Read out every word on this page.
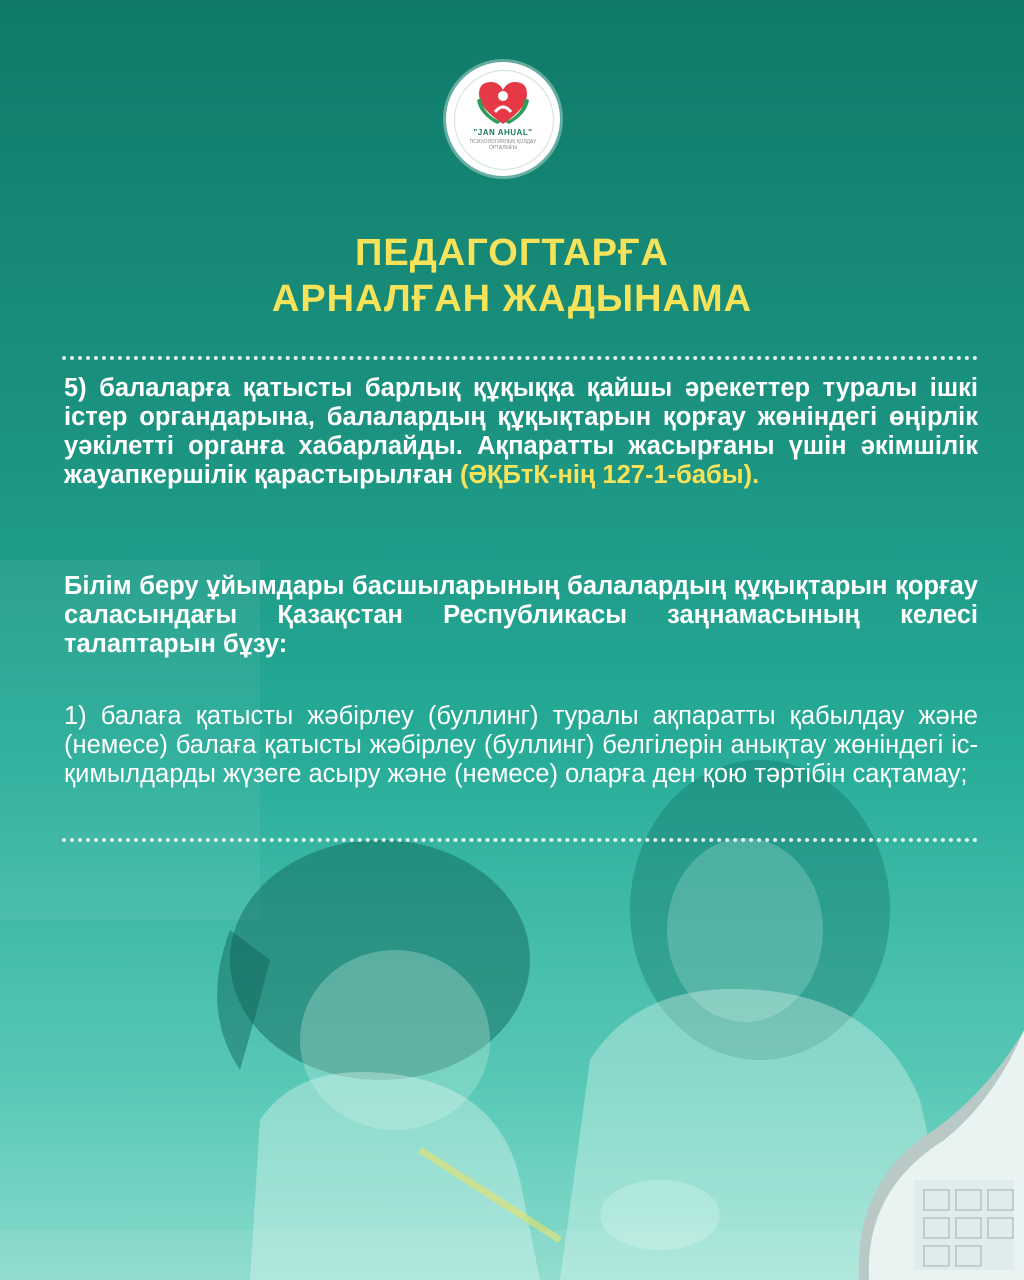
"JAN AHUAL"
ПСИХОЛОГИЯЛЫҚ ҚОЛДАУ ОРТАЛЫҒЫ
ПЕДАГОГТАРҒА
АРНАЛҒАН ЖАДЫНАМА
5) балаларға қатысты барлық құқыққа қайшы әрекеттер туралы ішкі істер органдарына, балалардың құқықтарын қорғау жөніндегі өңірлік уәкілетті органға хабарлайды. Ақпаратты жасырғаны үшін әкімшілік жауапкершілік қарастырылған (ӘҚБтК-нің 127-1-бабы).
Білім беру ұйымдары басшыларының балалардың құқықтарын қорғау саласындағы Қазақстан Республикасы заңнамасының келесі талаптарын бұзу:
1) балаға қатысты жәбірлеу (буллинг) туралы ақпаратты қабылдау және (немесе) балаға қатысты жәбірлеу (буллинг) белгілерін анықтау жөніндегі іс- қимылдарды жүзеге асыру және (немесе) оларға ден қою тәртібін сақтамау;
